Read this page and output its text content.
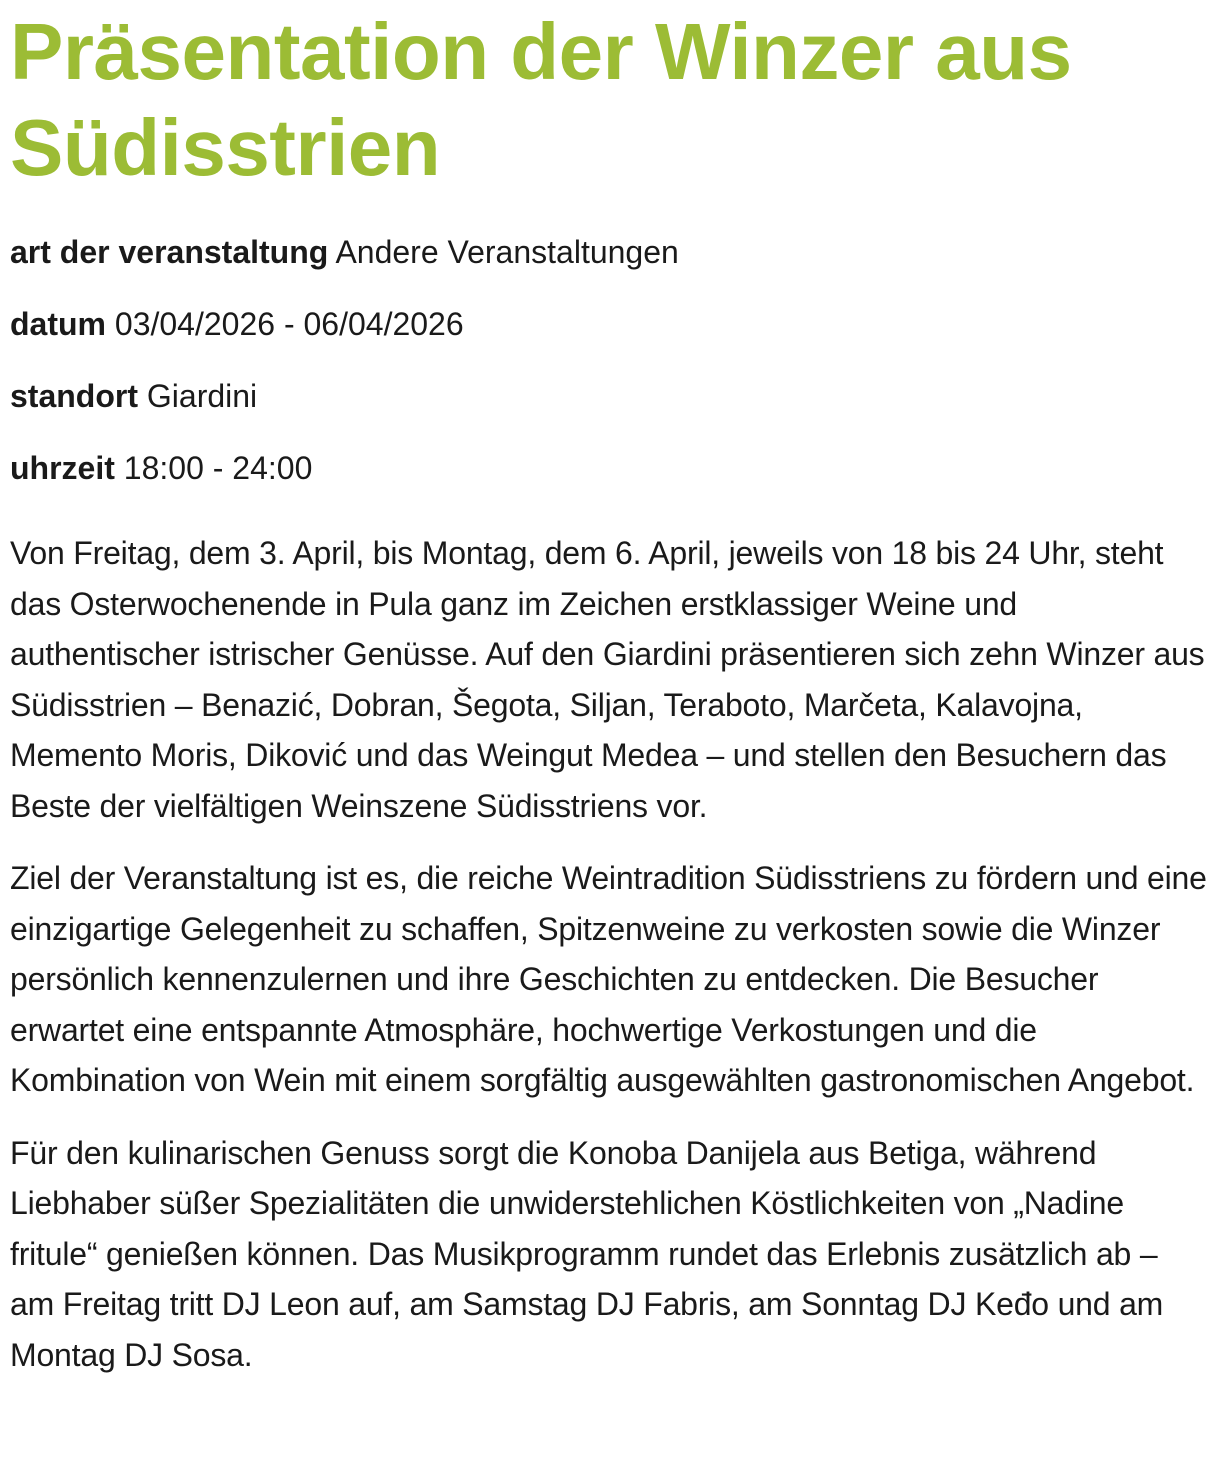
Präsentation der Winzer aus Südisstrien
art der veranstaltung Andere Veranstaltungen
datum 03/04/2026 - 06/04/2026
standort Giardini
uhrzeit 18:00 - 24:00

Von Freitag, dem 3. April, bis Montag, dem 6. April, jeweils von 18 bis 24 Uhr, steht das Osterwochenende in Pula ganz im Zeichen erstklassiger Weine und authentischer istrischer Genüsse. Auf den Giardini präsentieren sich zehn Winzer aus Südisstrien – Benazić, Dobran, Šegota, Siljan, Teraboto, Marčeta, Kalavojna, Memento Moris, Diković und das Weingut Medea – und stellen den Besuchern das Beste der vielfältigen Weinszene Südisstriens vor.

Ziel der Veranstaltung ist es, die reiche Weintradition Südisstriens zu fördern und eine einzigartige Gelegenheit zu schaffen, Spitzenweine zu verkosten sowie die Winzer persönlich kennenzulernen und ihre Geschichten zu entdecken. Die Besucher erwartet eine entspannte Atmosphäre, hochwertige Verkostungen und die Kombination von Wein mit einem sorgfältig ausgewählten gastronomischen Angebot.

Für den kulinarischen Genuss sorgt die Konoba Danijela aus Betiga, während Liebhaber süßer Spezialitäten die unwiderstehlichen Köstlichkeiten von „Nadine fritule“ genießen können. Das Musikprogramm rundet das Erlebnis zusätzlich ab – am Freitag tritt DJ Leon auf, am Samstag DJ Fabris, am Sonntag DJ Keđo und am Montag DJ Sosa.
